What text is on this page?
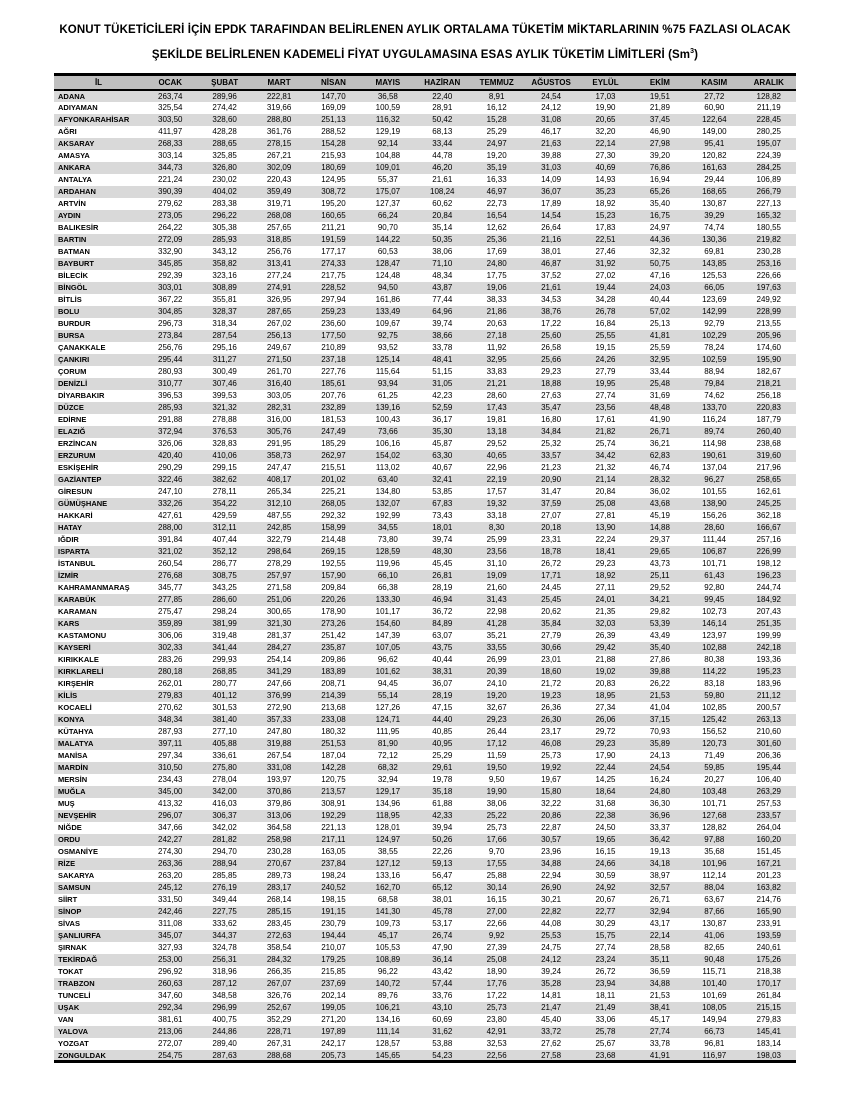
KONUT TÜKETİCİLERİ İÇİN EPDK TARAFINDAN BELİRLENEN AYLIK ORTALAMA TÜKETİM MİKTARLARININ %75 FAZLASI OLACAK
ŞEKİLDE BELİRLENEN KADEMELİ FİYAT UYGULAMASINA ESAS AYLIK TÜKETİM LİMİTLERİ (Sm$^3$)
İL	OCAK	ŞUBAT	MART	NİSAN	MAYIS	HAZİRAN	TEMMUZ	AĞUSTOS	EYLÜL	EKİM	KASIM	ARALIK
ADANA	263,74	289,96	222,81	147,70	36,58	22,40	8,91	24,54	17,03	19,51	27,72	128,82
ADIYAMAN	325,54	274,42	319,66	169,09	100,59	28,91	16,12	24,12	19,90	21,89	60,90	211,19
AFYONKARAHİSAR	303,50	328,60	288,80	251,13	116,32	50,42	15,28	31,08	20,65	37,45	122,64	228,45
AĞRI	411,97	428,28	361,76	288,52	129,19	68,13	25,29	46,17	32,20	46,90	149,00	280,25
AKSARAY	268,33	288,65	278,15	154,28	92,14	33,44	24,97	21,63	22,14	27,98	95,41	195,07
AMASYA	303,14	325,85	267,21	215,93	104,88	44,78	19,20	39,88	27,30	39,20	120,82	224,39
ANKARA	344,73	326,80	302,09	180,69	109,01	46,20	35,19	31,03	40,69	76,86	161,63	284,25
ANTALYA	221,24	230,02	220,43	124,95	55,37	21,61	16,33	14,09	14,93	16,94	29,44	106,89
ARDAHAN	390,39	404,02	359,49	308,72	175,07	108,24	46,97	36,07	35,23	65,26	168,65	266,79
ARTVİN	279,62	283,38	319,71	195,20	127,37	60,62	22,73	17,89	18,92	35,40	130,87	227,13
AYDIN	273,05	296,22	268,08	160,65	66,24	20,84	16,54	14,54	15,23	16,75	39,29	165,32
BALIKESİR	264,22	305,38	257,65	211,21	90,70	35,14	12,62	26,64	17,83	24,97	74,74	180,55
BARTIN	272,09	285,93	318,85	191,59	144,22	50,35	25,36	21,16	22,51	44,36	130,36	219,82
BATMAN	332,90	343,12	256,76	177,17	60,53	38,06	17,69	38,01	27,46	32,32	69,81	230,28
BAYBURT	345,85	358,82	313,41	274,33	128,47	71,10	24,80	46,87	31,92	50,75	143,85	253,16
BİLECİK	292,39	323,16	277,24	217,75	124,48	48,34	17,75	37,52	27,02	47,16	125,53	226,66
BİNGÖL	303,01	308,89	274,91	228,52	94,50	43,87	19,06	21,61	19,44	24,03	66,05	197,63
BİTLİS	367,22	355,81	326,95	297,94	161,86	77,44	38,33	34,53	34,28	40,44	123,69	249,92
BOLU	304,85	328,37	287,65	259,23	133,49	64,96	21,86	38,76	26,78	57,02	142,99	228,99
BURDUR	296,73	318,34	267,02	236,60	109,67	39,74	20,63	17,22	16,84	25,13	92,79	213,55
BURSA	273,84	287,54	256,13	177,50	92,75	38,66	27,18	25,60	25,55	41,81	102,29	205,96
ÇANAKKALE	256,76	295,16	249,67	210,89	93,52	33,78	11,92	26,58	19,15	25,59	78,24	174,60
ÇANKIRI	295,44	311,27	271,50	237,18	125,14	48,41	32,95	25,66	24,26	32,95	102,59	195,90
ÇORUM	280,93	300,49	261,70	227,76	115,64	51,15	33,83	29,23	27,79	33,44	88,94	182,67
DENİZLİ	310,77	307,46	316,40	185,61	93,94	31,05	21,21	18,88	19,95	25,48	79,84	218,21
DİYARBAKIR	396,53	399,53	303,05	207,76	61,25	42,23	28,60	27,63	27,74	31,69	74,62	256,18
DÜZCE	285,93	321,32	282,31	232,89	139,16	52,59	17,43	35,47	23,56	48,48	133,70	220,83
EDİRNE	291,88	278,88	316,00	181,53	100,43	36,17	19,81	16,80	17,61	41,90	116,24	187,79
ELAZIĞ	372,94	376,53	305,76	247,49	73,66	35,30	13,18	34,84	21,82	26,71	89,74	260,40
ERZİNCAN	326,06	328,83	291,95	185,29	106,16	45,87	29,52	25,32	25,74	36,21	114,98	238,68
ERZURUM	420,40	410,06	358,73	262,97	154,02	63,30	40,65	33,57	34,42	62,83	190,61	319,60
ESKİŞEHİR	290,29	299,15	247,47	215,51	113,02	40,67	22,96	21,23	21,32	46,74	137,04	217,96
GAZİANTEP	322,46	382,62	408,17	201,02	63,40	32,41	22,19	20,90	21,14	28,32	96,27	258,65
GİRESUN	247,10	278,11	265,34	225,21	134,80	53,85	17,57	31,47	20,84	36,02	101,55	162,61
GÜMÜŞHANE	332,26	354,22	312,10	268,05	132,07	67,83	19,32	37,59	25,08	43,68	138,90	245,25
HAKKARİ	427,61	429,59	487,55	292,32	192,99	73,43	33,18	27,07	27,81	45,19	156,26	362,18
HATAY	288,00	312,11	242,85	158,99	34,55	18,01	8,30	20,18	13,90	14,88	28,60	166,67
IĞDIR	391,84	407,44	322,79	214,48	73,80	39,74	25,99	23,31	22,24	29,37	111,44	257,16
ISPARTA	321,02	352,12	298,64	269,15	128,59	48,30	23,56	18,78	18,41	29,65	106,87	226,99
İSTANBUL	260,54	286,77	278,29	192,55	119,96	45,45	31,10	26,72	29,23	43,73	101,71	198,12
İZMİR	276,68	308,75	257,97	157,90	66,10	26,81	19,09	17,71	18,92	25,11	61,43	196,23
KAHRAMANMARAŞ	345,77	343,25	271,58	209,84	66,38	28,19	21,60	24,45	27,11	29,52	92,80	244,74
KARABÜK	277,85	286,60	251,06	220,26	133,30	46,94	31,43	25,45	24,01	34,21	99,45	184,92
KARAMAN	275,47	298,24	300,65	178,90	101,17	36,72	22,98	20,62	21,35	29,82	102,73	207,43
KARS	359,89	381,99	321,30	273,26	154,60	84,89	41,28	35,84	32,03	53,39	146,14	251,35
KASTAMONU	306,06	319,48	281,37	251,42	147,39	63,07	35,21	27,79	26,39	43,49	123,97	199,99
KAYSERİ	302,33	341,44	284,27	235,87	107,05	43,75	33,55	30,66	29,42	35,40	102,88	242,18
KIRIKKALE	283,26	299,93	254,14	209,86	96,62	40,44	26,99	23,01	21,88	27,86	80,38	193,36
KIRKLARELİ	280,18	268,85	341,29	183,89	101,62	38,31	20,39	18,60	19,02	39,88	114,22	195,23
KIRŞEHİR	262,01	280,77	247,66	208,71	94,45	36,07	24,10	21,72	20,83	26,22	83,18	183,96
KİLİS	279,83	401,12	376,99	214,39	55,14	28,19	19,20	19,23	18,95	21,53	59,80	211,12
KOCAELİ	270,62	301,53	272,90	213,68	127,26	47,15	32,67	26,36	27,34	41,04	102,85	200,57
KONYA	348,34	381,40	357,33	233,08	124,71	44,40	29,23	26,30	26,06	37,15	125,42	263,13
KÜTAHYA	287,93	277,10	247,80	180,32	111,95	40,85	26,44	23,17	29,72	70,93	156,52	210,60
MALATYA	397,11	405,88	319,88	251,53	81,90	40,95	17,12	46,08	29,23	35,89	120,73	301,60
MANİSA	297,34	336,61	267,54	187,04	72,12	25,29	11,59	25,73	17,90	24,13	71,49	206,36
MARDİN	310,50	275,80	331,08	142,28	68,32	29,61	19,50	19,92	22,44	24,54	59,85	195,44
MERSİN	234,43	278,04	193,97	120,75	32,94	19,78	9,50	19,67	14,25	16,24	20,27	106,40
MUĞLA	345,00	342,00	370,86	213,57	129,17	35,18	19,90	15,80	18,64	24,80	103,48	263,29
MUŞ	413,32	416,03	379,86	308,91	134,96	61,88	38,06	32,22	31,68	36,30	101,71	257,53
NEVŞEHİR	296,07	306,37	313,06	192,29	118,95	42,33	25,22	20,86	22,38	36,96	127,68	233,57
NİĞDE	347,66	342,02	364,58	221,13	128,01	39,94	25,73	22,87	24,50	33,37	128,82	264,04
ORDU	242,27	281,82	258,98	217,11	124,97	50,26	17,66	30,57	19,65	36,42	97,88	160,20
OSMANİYE	274,30	294,70	230,28	163,05	38,55	22,26	9,70	23,96	16,15	19,13	35,68	151,45
RİZE	263,36	288,94	270,67	237,84	127,12	59,13	17,55	34,88	24,66	34,18	101,96	167,21
SAKARYA	263,20	285,85	289,73	198,24	133,16	56,47	25,88	22,94	30,59	38,97	112,14	201,23
SAMSUN	245,12	276,19	283,17	240,52	162,70	65,12	30,14	26,90	24,92	32,57	88,04	163,82
SİİRT	331,50	349,44	268,14	198,15	68,58	38,01	16,15	30,21	20,67	26,71	63,67	214,76
SİNOP	242,46	227,75	285,15	191,15	141,30	45,78	27,00	22,82	22,77	32,94	87,66	165,90
SİVAS	311,08	333,62	283,45	230,79	109,73	53,17	22,66	44,08	30,29	43,17	130,87	233,91
ŞANLIURFA	345,07	344,37	272,63	194,44	45,17	26,74	9,92	25,53	15,75	22,14	41,06	193,59
ŞIRNAK	327,93	324,78	358,54	210,07	105,53	47,90	27,39	24,75	27,74	28,58	82,65	240,61
TEKİRDAĞ	253,00	256,31	284,32	179,25	108,89	36,14	25,08	24,12	23,24	35,11	90,48	175,26
TOKAT	296,92	318,96	266,35	215,85	96,22	43,42	18,90	39,24	26,72	36,59	115,71	218,38
TRABZON	260,63	287,12	267,07	237,69	140,72	57,44	17,76	35,28	23,94	34,88	101,40	170,17
TUNCELİ	347,60	348,58	326,76	202,14	89,76	33,76	17,22	14,81	18,11	21,53	101,69	261,84
UŞAK	292,34	296,99	252,67	199,05	106,21	43,10	25,73	21,47	21,49	38,41	108,05	215,15
VAN	381,61	400,75	352,29	271,20	134,16	60,69	23,80	45,40	33,06	45,17	149,94	279,83
YALOVA	213,06	244,86	228,71	197,89	111,14	31,62	42,91	33,72	25,78	27,74	66,73	145,41
YOZGAT	272,07	289,40	267,31	242,17	128,57	53,88	32,53	27,62	25,67	33,78	96,81	183,14
ZONGULDAK	254,75	287,63	288,68	205,73	145,65	54,23	22,56	27,58	23,68	41,91	116,97	198,03
